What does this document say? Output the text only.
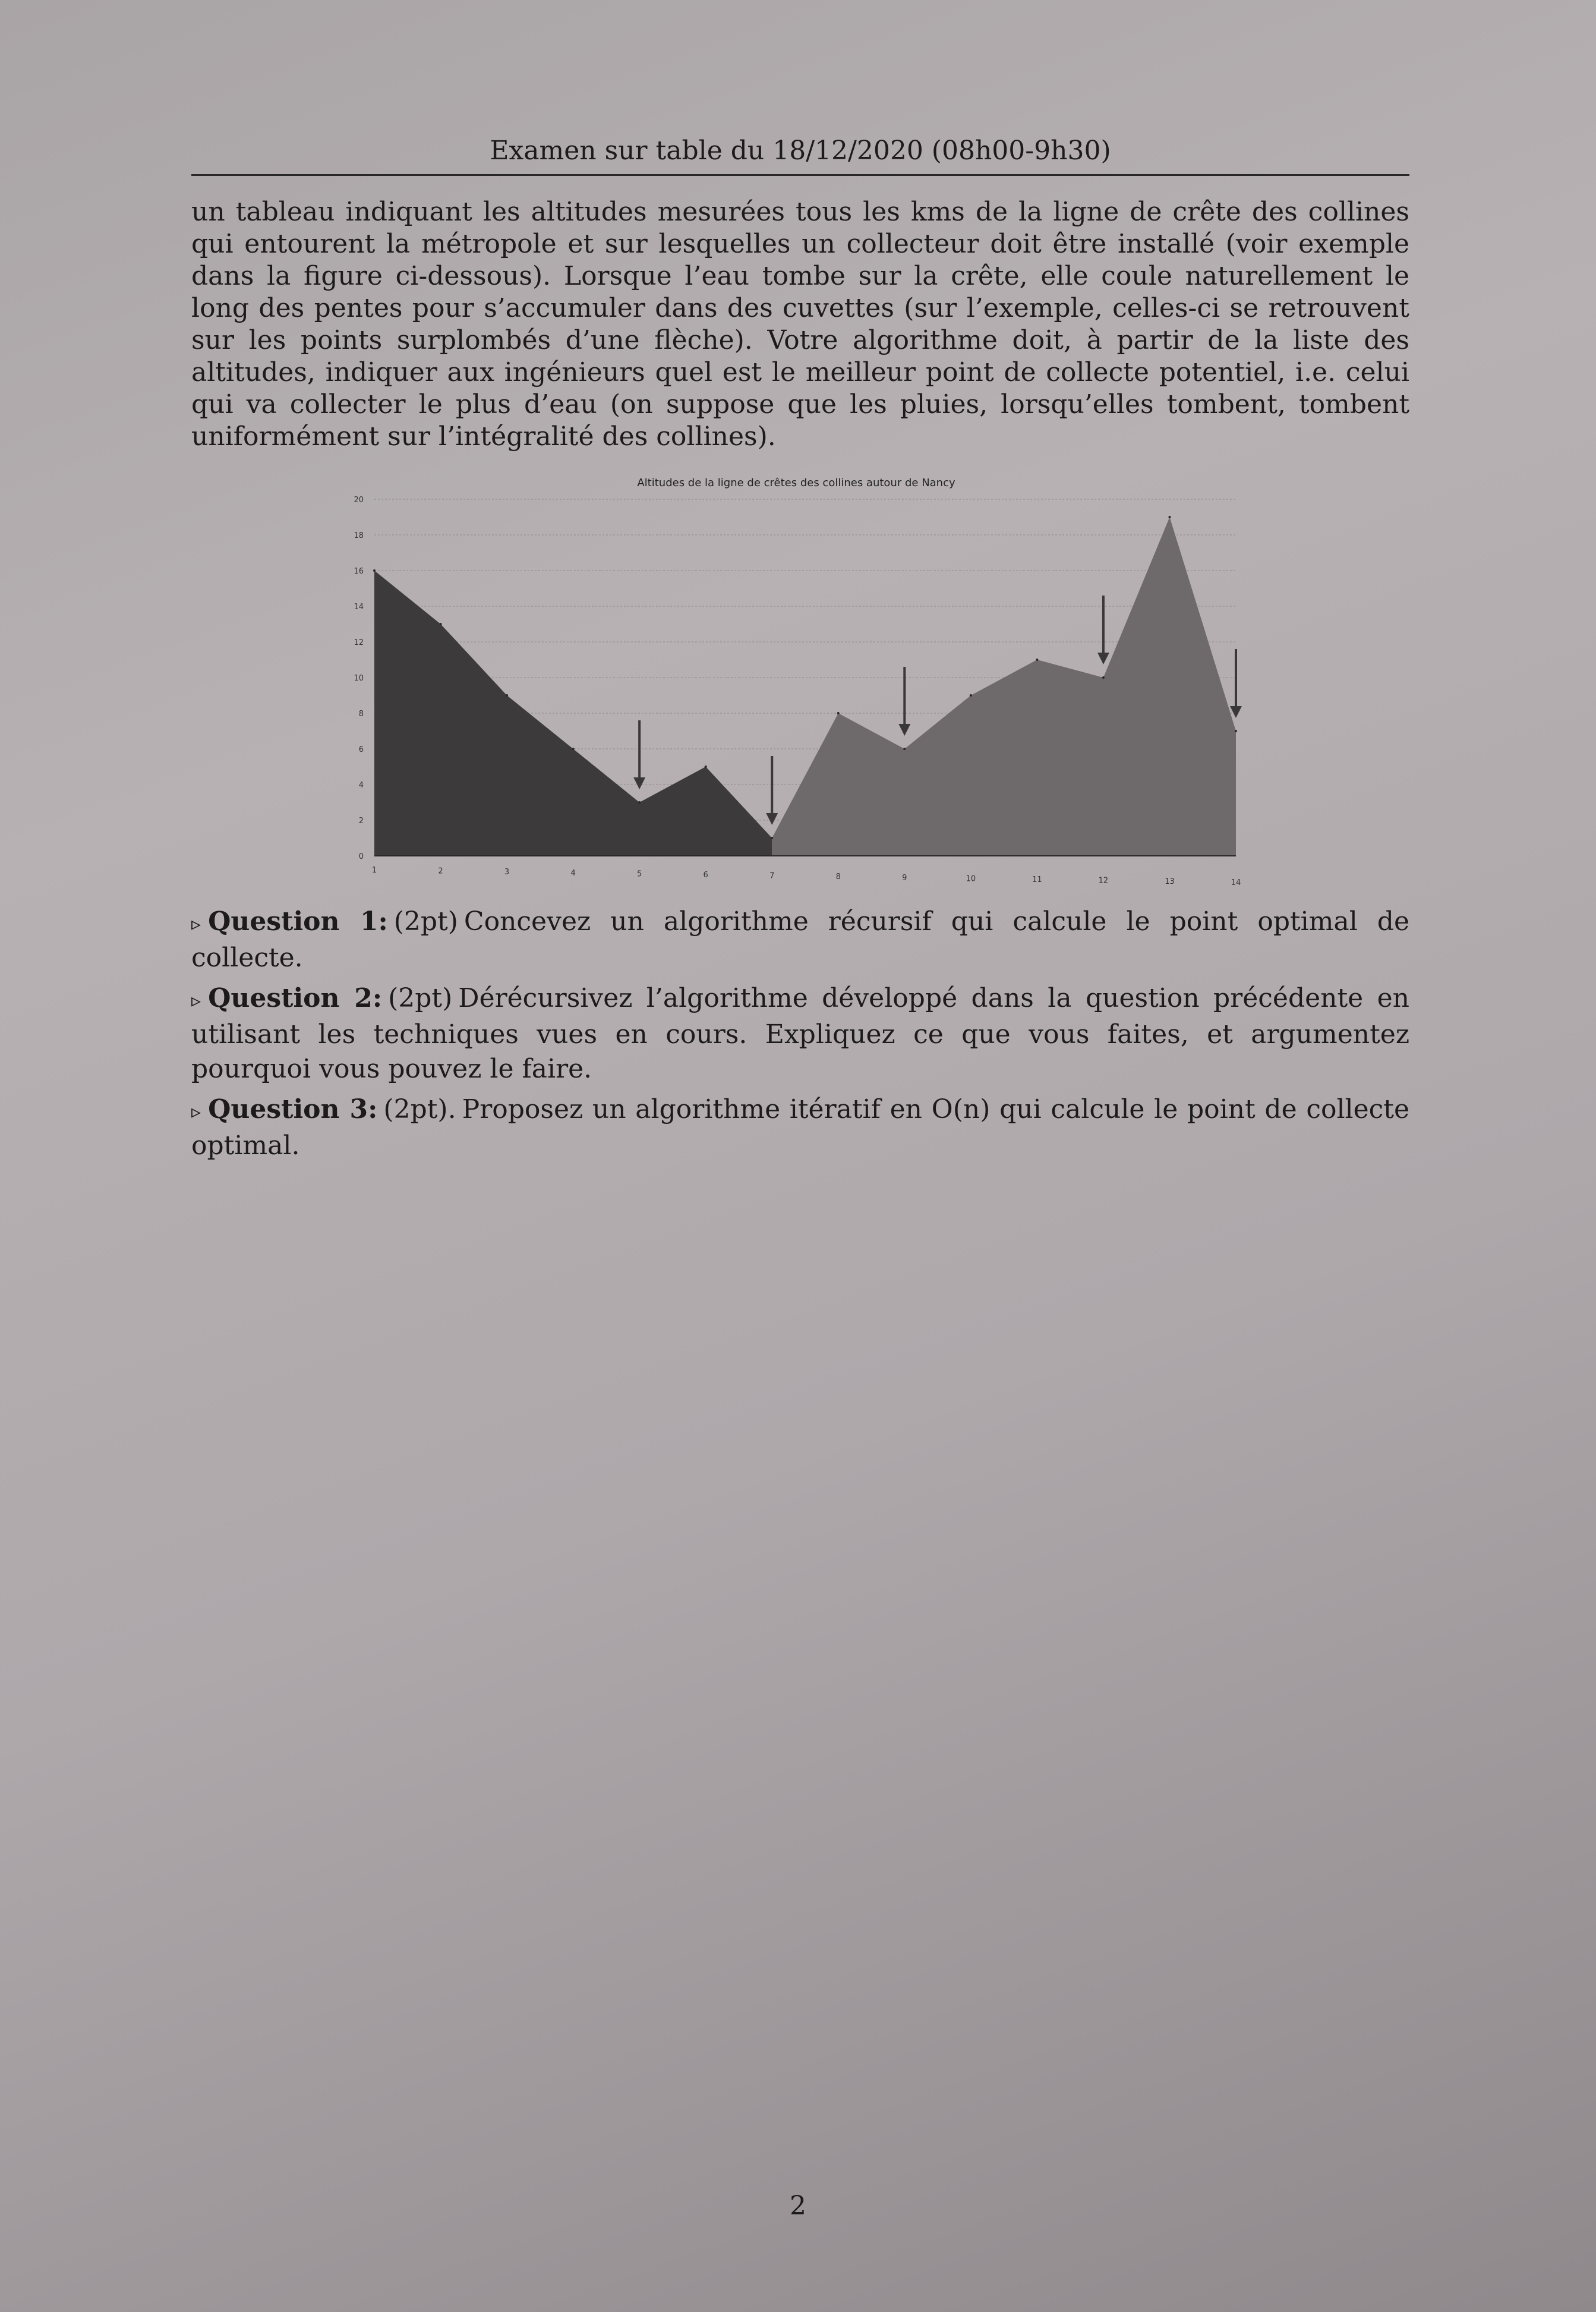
Examen sur table du 18/12/2020 (08h00-9h30)

un tableau indiquant les altitudes mesurées tous les kms de la ligne de crête des collines qui entourent la métropole et sur lesquelles un collecteur doit être installé (voir exemple dans la figure ci-dessous). Lorsque l’eau tombe sur la crête, elle coule naturellement le long des pentes pour s’accumuler dans des cuvettes (sur l’exemple, celles-ci se retrouvent sur les points surplombés d’une flèche). Votre algorithme doit, à partir de la liste des altitudes, indiquer aux ingénieurs quel est le meilleur point de collecte potentiel, i.e. celui qui va collecter le plus d’eau (on suppose que les pluies, lorsqu’elles tombent, tombent uniformément sur l’intégralité des collines).

Altitudes de la ligne de crêtes des collines autour de Nancy
0
2
4
6
8
10
12
14
16
18
20
1	2	3	4	5	6	7	8	9	10	11	12	13	14

▹ Question 1: (2pt) Concevez un algorithme récursif qui calcule le point optimal de collecte.

▹ Question 2: (2pt) Dérécursivez l’algorithme développé dans la question précédente en utilisant les techniques vues en cours. Expliquez ce que vous faites, et argumentez pourquoi vous pouvez le faire.

▹ Question 3: (2pt). Proposez un algorithme itératif en O(n) qui calcule le point de collecte optimal.

2
